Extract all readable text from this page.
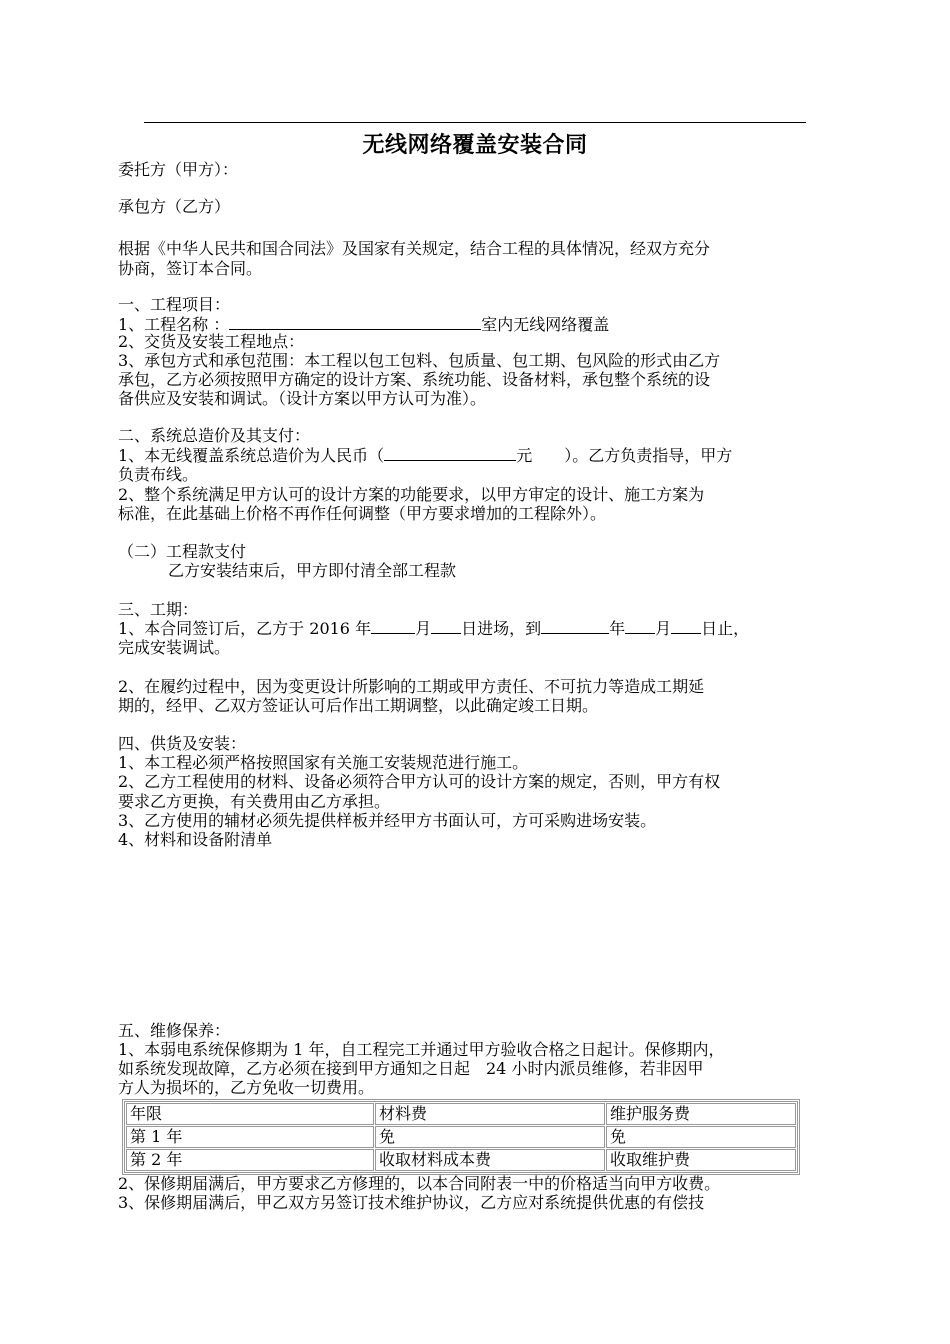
无线网络覆盖安装合同
委托方（甲方）：
承包方（乙方）
根据《中华人民共和国合同法》及国家有关规定，结合工程的具体情况，经双方充分
协商，签订本合同。
一、工程项目：
1、工程名称 ：	室内无线网络覆盖
2、交货及安装工程地点：
3、承包方式和承包范围：本工程以包工包料、包质量、包工期、包风险的形式由乙方
承包，乙方必须按照甲方确定的设计方案、系统功能、设备材料，承包整个系统的设
备供应及安装和调试。（设计方案以甲方认可为准）。
二、系统总造价及其支付：
1、本无线覆盖系统总造价为人民币（	元　　）。乙方负责指导，甲方
负责布线。
2、整个系统满足甲方认可的设计方案的功能要求，以甲方审定的设计、施工方案为
标准，在此基础上价格不再作任何调整（甲方要求增加的工程除外）。
（二）工程款支付
乙方安装结束后，甲方即付清全部工程款
三、工期：
1、本合同签订后，乙方于 2016 年	月 日进场，到	年 月 日止，
完成安装调试。
2、在履约过程中，因为变更设计所影响的工期或甲方责任、不可抗力等造成工期延
期的，经甲、乙双方签证认可后作出工期调整，以此确定竣工日期。
四、供货及安装：
1、本工程必须严格按照国家有关施工安装规范进行施工。
2、乙方工程使用的材料、设备必须符合甲方认可的设计方案的规定，否则，甲方有权
要求乙方更换，有关费用由乙方承担。
3、乙方使用的辅材必须先提供样板并经甲方书面认可，方可采购进场安装。
4、材料和设备附清单
五、维修保养：
1、本弱电系统保修期为 1 年，自工程完工并通过甲方验收合格之日起计。保修期内，
如系统发现故障，乙方必须在接到甲方通知之日起　24 小时内派员维修，若非因甲
方人为损坏的，乙方免收一切费用。
年限	材料费	维护服务费
第 1 年	免	免
第 2 年	收取材料成本费	收取维护费
2、保修期届满后，甲方要求乙方修理的，以本合同附表一中的价格适当向甲方收费。
3、保修期届满后，甲乙双方另签订技术维护协议，乙方应对系统提供优惠的有偿技
